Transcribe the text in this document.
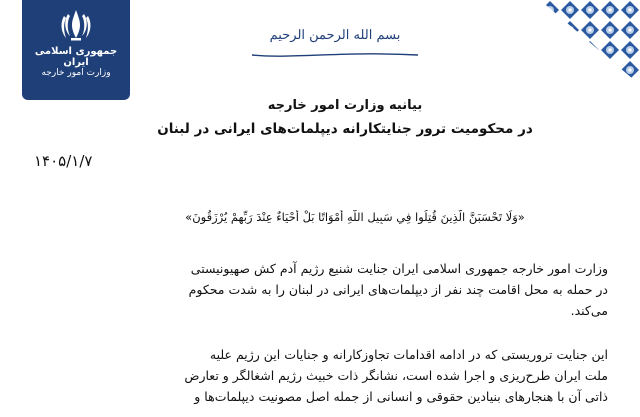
جمهوری اسلامی ایران
وزارت امور خارجه
بسم الله الرحمن الرحیم
بیانیه وزارت امور خارجه
در محکومیت ترور جنایتکارانه دیپلمات‌های ایرانی در لبنان
۱۴۰۵/۱/۷
«وَلَا تَحْسَبَنَّ الَّذِينَ قُتِلُوا فِي سَبِيلِ اللَّهِ أَمْوَاتًا بَلْ أَحْيَاءٌ عِنْدَ رَبِّهِمْ يُرْزَقُونَ»
وزارت امور خارجه جمهوری اسلامی ایران جنایت شنیع رژیم آدم کش صهیونیستی
در حمله به محل اقامت چند نفر از دیپلمات‌های ایرانی در لبنان را به شدت محکوم
می‌کند.
این جنایت تروریستی که در ادامه اقدامات تجاوزکارانه و جنایات این رژیم علیه
ملت ایران طرح‌ریزی و اجرا شده است، نشانگر ذات خبیث رژیم اشغالگر و تعارض
ذاتی آن با هنجارهای بنیادین حقوقی و انسانی از جمله اصل مصونیت دیپلمات‌ها و
